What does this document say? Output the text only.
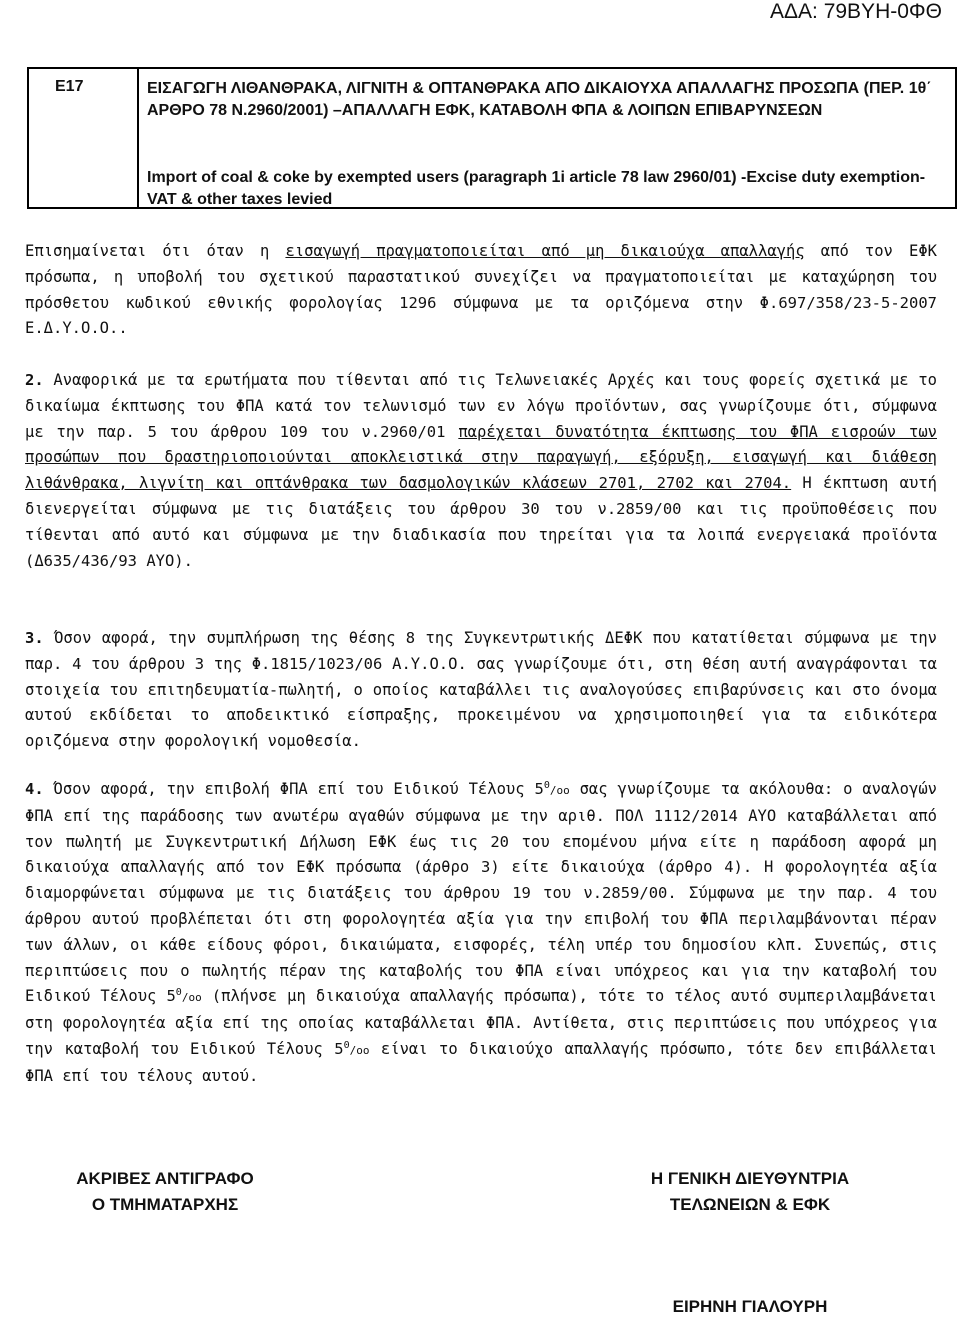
ΑΔΑ: 79ΒΥΗ-0ΦΘ
Ε17	ΕΙΣΑΓΩΓΗ ΛΙΘΑΝΘΡΑΚΑ, ΛΙΓΝΙΤΗ & ΟΠΤΑΝΘΡΑΚΑ ΑΠΟ ΔΙΚΑΙΟΥΧΑ ΑΠΑΛΛΑΓΗΣ ΠΡΟΣΩΠΑ (ΠΕΡ. 1θ΄ ΑΡΘΡΟ 78 Ν.2960/2001) –ΑΠΑΛΛΑΓΗ ΕΦΚ, ΚΑΤΑΒΟΛΗ ΦΠΑ & ΛΟΙΠΩΝ ΕΠΙΒΑΡΥΝΣΕΩΝ
Import of coal & coke by exempted users (paragraph 1i article 78 law 2960/01) -Excise duty exemption- VAT & other taxes levied
Επισημαίνεται ότι όταν η εισαγωγή πραγματοποιείται από μη δικαιούχα απαλλαγής από τον ΕΦΚ πρόσωπα, η υποβολή του σχετικού παραστατικού συνεχίζει να πραγματοποιείται με καταχώρηση του πρόσθετου κωδικού εθνικής φορολογίας 1296 σύμφωνα με τα οριζόμενα στην Φ.697/358/23-5-2007 Ε.Δ.Υ.Ο.Ο..
2. Αναφορικά με τα ερωτήματα που τίθενται από τις Τελωνειακές Αρχές και τους φορείς σχετικά με το δικαίωμα έκπτωσης του ΦΠΑ κατά τον τελωνισμό των εν λόγω προϊόντων, σας γνωρίζουμε ότι, σύμφωνα με την παρ. 5 του άρθρου 109 του ν.2960/01 παρέχεται δυνατότητα έκπτωσης του ΦΠΑ εισροών των προσώπων που δραστηριοποιούνται αποκλειστικά στην παραγωγή, εξόρυξη, εισαγωγή και διάθεση λιθάνθρακα, λιγνίτη και οπτάνθρακα των δασμολογικών κλάσεων 2701, 2702 και 2704. Η έκπτωση αυτή διενεργείται σύμφωνα με τις διατάξεις του άρθρου 30 του ν.2859/00 και τις προϋποθέσεις που τίθενται από αυτό και σύμφωνα με την διαδικασία που τηρείται για τα λοιπά ενεργειακά προϊόντα (Δ635/436/93 ΑΥΟ).
3. Όσον αφορά, την συμπλήρωση της θέσης 8 της Συγκεντρωτικής ΔΕΦΚ που κατατίθεται σύμφωνα με την παρ. 4 του άρθρου 3 της Φ.1815/1023/06 Α.Υ.Ο.Ο. σας γνωρίζουμε ότι, στη θέση αυτή αναγράφονται τα στοιχεία του επιτηδευματία-πωλητή, ο οποίος καταβάλλει τις αναλογούσες επιβαρύνσεις και στο όνομα αυτού εκδίδεται το αποδεικτικό είσπραξης, προκειμένου να χρησιμοποιηθεί για τα ειδικότερα οριζόμενα στην φορολογική νομοθεσία.
4. Όσον αφορά, την επιβολή ΦΠΑ επί του Ειδικού Τέλους $5^0/oo$ σας γνωρίζουμε τα ακόλουθα: ο αναλογών ΦΠΑ επί της παράδοσης των ανωτέρω αγαθών σύμφωνα με την αριθ. ΠΟΛ 1112/2014 ΑΥΟ καταβάλλεται από τον πωλητή με Συγκεντρωτική Δήλωση ΕΦΚ έως τις 20 του επομένου μήνα είτε η παράδοση αφορά μη δικαιούχα απαλλαγής από τον ΕΦΚ πρόσωπα (άρθρο 3) είτε δικαιούχα (άρθρο 4). Η φορολογητέα αξία διαμορφώνεται σύμφωνα με τις διατάξεις του άρθρου 19 του ν.2859/00. Σύμφωνα με την παρ. 4 του άρθρου αυτού προβλέπεται ότι στη φορολογητέα αξία για την επιβολή του ΦΠΑ περιλαμβάνονται πέραν των άλλων, οι κάθε είδους φόροι, δικαιώματα, εισφορές, τέλη υπέρ του δημοσίου κλπ. Συνεπώς, στις περιπτώσεις που ο πωλητής πέραν της καταβολής του ΦΠΑ είναι υπόχρεος και για την καταβολή του Ειδικού Τέλους $5^0/oo$ (πλήνσε μη δικαιούχα απαλλαγής πρόσωπα), τότε το τέλος αυτό συμπεριλαμβάνεται στη φορολογητέα αξία επί της οποίας καταβάλλεται ΦΠΑ. Αντίθετα, στις περιπτώσεις που υπόχρεος για την καταβολή του Ειδικού Τέλους $5^0/oo$ είναι το δικαιούχο απαλλαγής πρόσωπο, τότε δεν επιβάλλεται ΦΠΑ επί του τέλους αυτού.
ΑΚΡΙΒΕΣ ΑΝΤΙΓΡΑΦΟ
Ο ΤΜΗΜΑΤΑΡΧΗΣ
Η ΓΕΝΙΚΗ ΔΙΕΥΘΥΝΤΡΙΑ
ΤΕΛΩΝΕΙΩΝ & ΕΦΚ
ΕΙΡΗΝΗ ΓΙΑΛΟΥΡΗ
